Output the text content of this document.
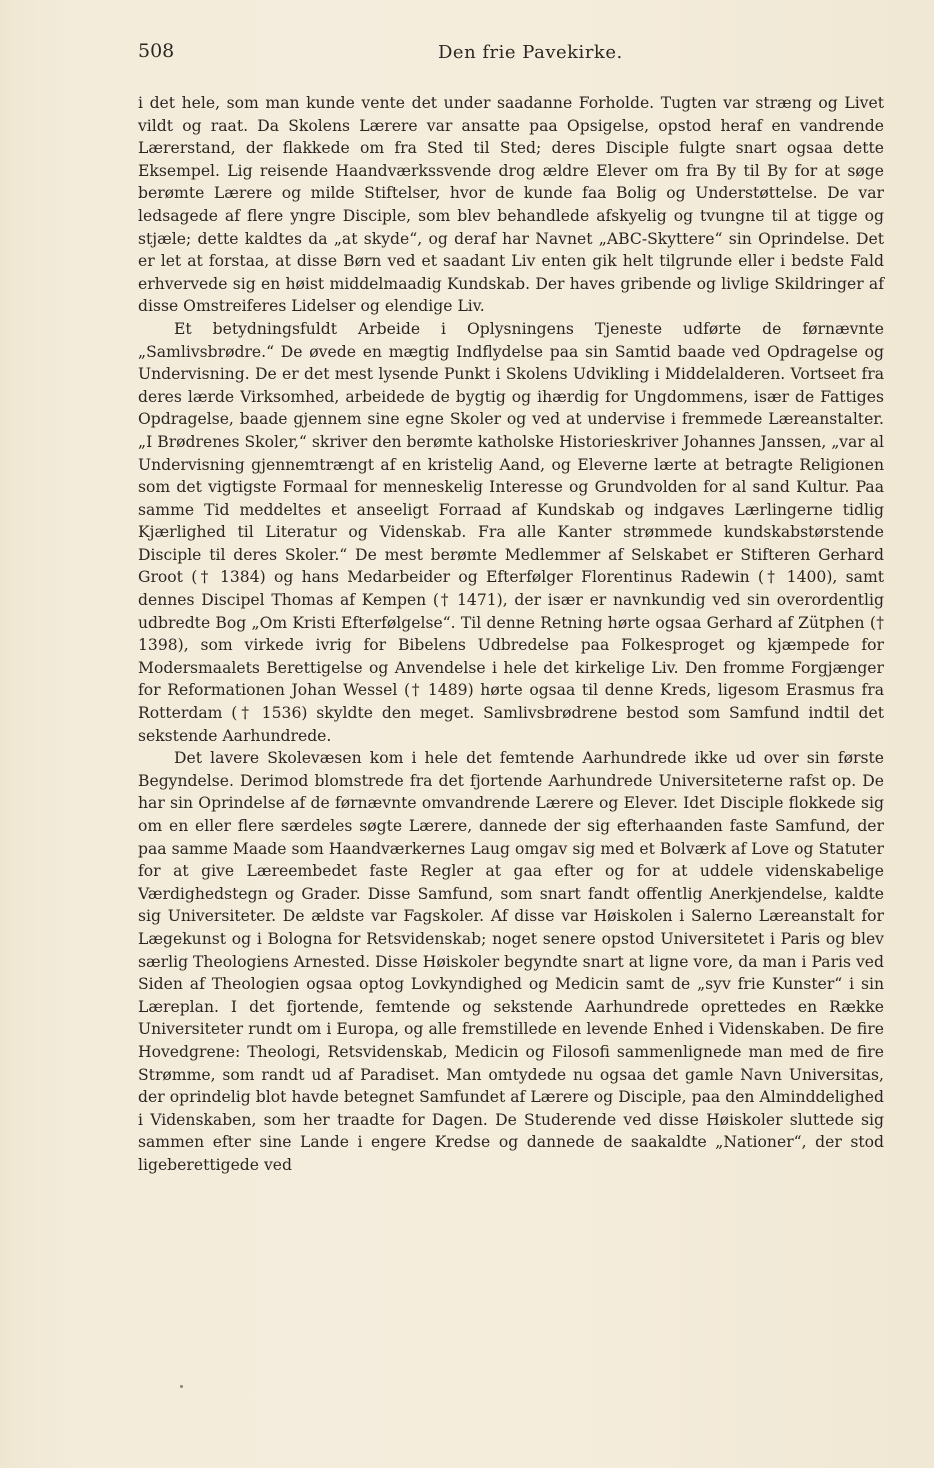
508	Den frie Pavekirke.

i det hele, som man kunde vente det under saadanne Forholde. Tugten var stræng og Livet vildt og raat. Da Skolens Lærere var ansatte paa Opsigelse, opstod heraf en vandrende Lærerstand, der flakkede om fra Sted til Sted; deres Disciple fulgte snart ogsaa dette Eksempel. Lig reisende Haandværkssvende drog ældre Elever om fra By til By for at søge berømte Lærere og milde Stiftelser, hvor de kunde faa Bolig og Understøttelse. De var ledsagede af flere yngre Disciple, som blev behandlede afskyelig og tvungne til at tigge og stjæle; dette kaldtes da „at skyde“, og deraf har Navnet „ABC-Skyttere“ sin Oprindelse. Det er let at forstaa, at disse Børn ved et saadant Liv enten gik helt tilgrunde eller i bedste Fald erhvervede sig en høist middelmaadig Kundskab. Der haves gribende og livlige Skildringer af disse Omstreiferes Lidelser og elendige Liv.

Et betydningsfuldt Arbeide i Oplysningens Tjeneste udførte de førnævnte „Samlivsbrødre.“ De øvede en mægtig Indflydelse paa sin Samtid baade ved Opdragelse og Undervisning. De er det mest lysende Punkt i Skolens Udvikling i Middelalderen. Vortseet fra deres lærde Virksomhed, arbeidede de bygtig og ihærdig for Ungdommens, især de Fattiges Opdragelse, baade gjennem sine egne Skoler og ved at undervise i fremmede Læreanstalter. „I Brødrenes Skoler,“ skriver den berømte katholske Historieskriver Johannes Janssen, „var al Undervisning gjennemtrængt af en kristelig Aand, og Eleverne lærte at betragte Religionen som det vigtigste Formaal for menneskelig Interesse og Grundvolden for al sand Kultur. Paa samme Tid meddeltes et anseeligt Forraad af Kundskab og indgaves Lærlingerne tidlig Kjærlighed til Literatur og Videnskab. Fra alle Kanter strømmede kundskabstørstende Disciple til deres Skoler.“ De mest berømte Medlemmer af Selskabet er Stifteren Gerhard Groot († 1384) og hans Medarbeider og Efterfølger Florentinus Radewin († 1400), samt dennes Discipel Thomas af Kempen († 1471), der især er navnkundig ved sin overordentlig udbredte Bog „Om Kristi Efterfølgelse“. Til denne Retning hørte ogsaa Gerhard af Zütphen († 1398), som virkede ivrig for Bibelens Udbredelse paa Folkesproget og kjæmpede for Modersmaalets Berettigelse og Anvendelse i hele det kirkelige Liv. Den fromme Forgjænger for Reformationen Johan Wessel († 1489) hørte ogsaa til denne Kreds, ligesom Erasmus fra Rotterdam († 1536) skyldte den meget. Samlivsbrødrene bestod som Samfund indtil det sekstende Aarhundrede.

Det lavere Skolevæsen kom i hele det femtende Aarhundrede ikke ud over sin første Begyndelse. Derimod blomstrede fra det fjortende Aarhundrede Universiteterne rafst op. De har sin Oprindelse af de førnævnte omvandrende Lærere og Elever. Idet Disciple flokkede sig om en eller flere særdeles søgte Lærere, dannede der sig efterhaanden faste Samfund, der paa samme Maade som Haandværkernes Laug omgav sig med et Bolværk af Love og Statuter for at give Læreembedet faste Regler at gaa efter og for at uddele videnskabelige Værdighedstegn og Grader. Disse Samfund, som snart fandt offentlig Anerkjendelse, kaldte sig Universiteter. De ældste var Fagskoler. Af disse var Høiskolen i Salerno Læreanstalt for Lægekunst og i Bologna for Retsvidenskab; noget senere opstod Universitetet i Paris og blev særlig Theologiens Arnested. Disse Høiskoler begyndte snart at ligne vore, da man i Paris ved Siden af Theologien ogsaa optog Lovkyndighed og Medicin samt de „syv frie Kunster“ i sin Læreplan. I det fjortende, femtende og sekstende Aarhundrede oprettedes en Række Universiteter rundt om i Europa, og alle fremstillede en levende Enhed i Videnskaben. De fire Hovedgrene: Theologi, Retsvidenskab, Medicin og Filosofi sammenlignede man med de fire Strømme, som randt ud af Paradiset. Man omtydede nu ogsaa det gamle Navn Universitas, der oprindelig blot havde betegnet Samfundet af Lærere og Disciple, paa den Alminddelighed i Videnskaben, som her traadte for Dagen. De Studerende ved disse Høiskoler sluttede sig sammen efter sine Lande i engere Kredse og dannede de saakaldte „Nationer“, der stod ligeberettigede ved
